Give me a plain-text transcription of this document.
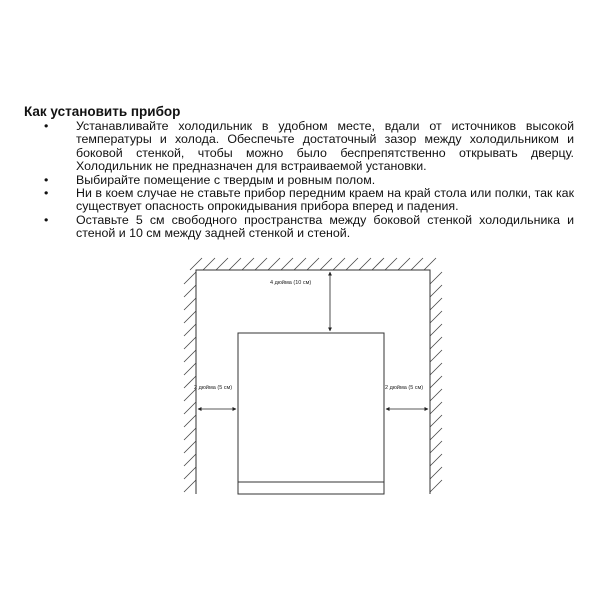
Как установить прибор
• Устанавливайте холодильник в удобном месте, вдали от источников высокой температуры и холода. Обеспечьте достаточный зазор между холодильником и боковой стенкой, чтобы можно было беспрепятственно открывать дверцу. Холодильник не предназначен для встраиваемой установки.
• Выбирайте помещение с твердым и ровным полом.
• Ни в коем случае не ставьте прибор передним краем на край стола или полки, так как существует опасность опрокидывания прибора вперед и падения.
• Оставьте 5 см свободного пространства между боковой стенкой холодильника и стеной и 10 см между задней стенкой и стеной.
4 дюйма (10 см)
2 дюйма (5 см)	2 дюйма (5 см)
